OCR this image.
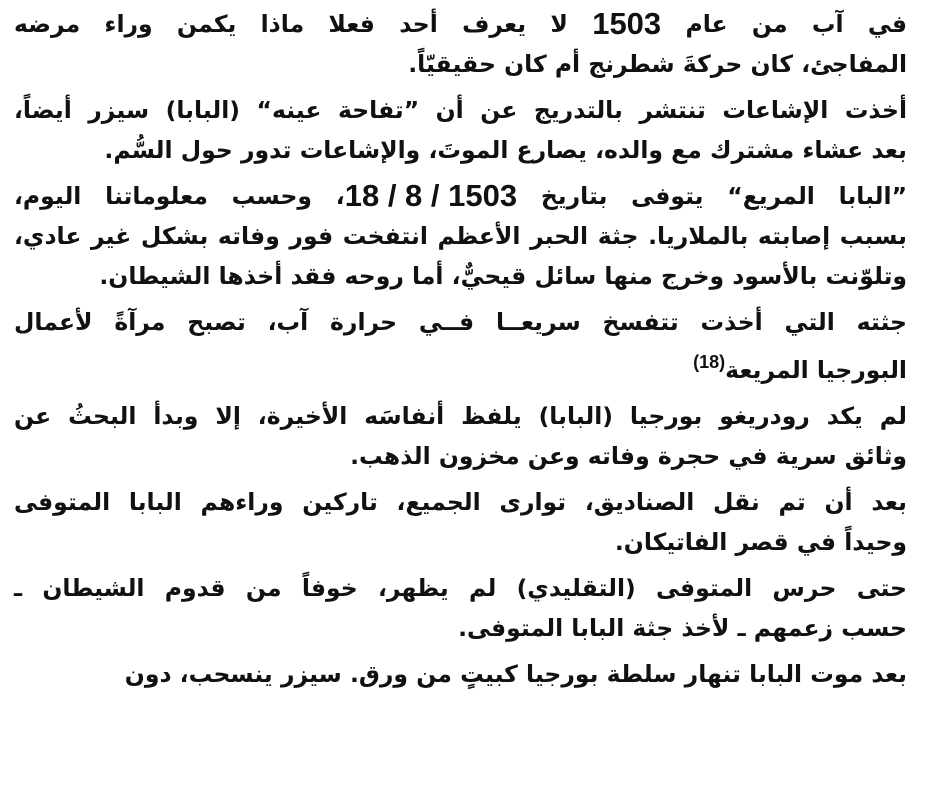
في آب من عام 1503 لا يعرف أحد فعلا ماذا يكمن وراء مرضه
المفاجئ، كان حركةَ شطرنج أم كان حقيقيّاً.

أخذت الإشاعات تنتشر بالتدريج عن أن ”تفاحة عينه“ (البابا) سيزر أيضاً،
بعد عشاء مشترك مع والده، يصارع الموتَ، والإشاعات تدور حول السُّم.

”البابا المريع“ يتوفى بتاريخ 18 / 8 / 1503، وحسب معلوماتنا اليوم،
بسبب إصابته بالملاريا. جثة الحبر الأعظم انتفخت فور وفاته بشكل غير عادي،
وتلوّنت بالأسود وخرج منها سائل قيحيٌّ، أما روحه فقد أخذها الشيطان.

جثته التي أخذت تتفسخ سريعــا فــي حرارة آب، تصبح مرآةً لأعمال
البورجيا المريعة(18)

لم يكد رودريغو بورجيا (البابا) يلفظ أنفاسَه الأخيرة، إلا وبدأ البحثُ عن
وثائق سرية في حجرة وفاته وعن مخزون الذهب.

بعد أن تم نقل الصناديق، توارى الجميع، تاركين وراءهم البابا المتوفى
وحيداً في قصر الفاتيكان.

حتى حرس المتوفى (التقليدي) لم يظهر، خوفاً من قدوم الشيطان ـ
حسب زعمهم ـ لأخذ جثة البابا المتوفى.

بعد موت البابا تنهار سلطة بورجيا كبيتٍ من ورق. سيزر ينسحب، دون
